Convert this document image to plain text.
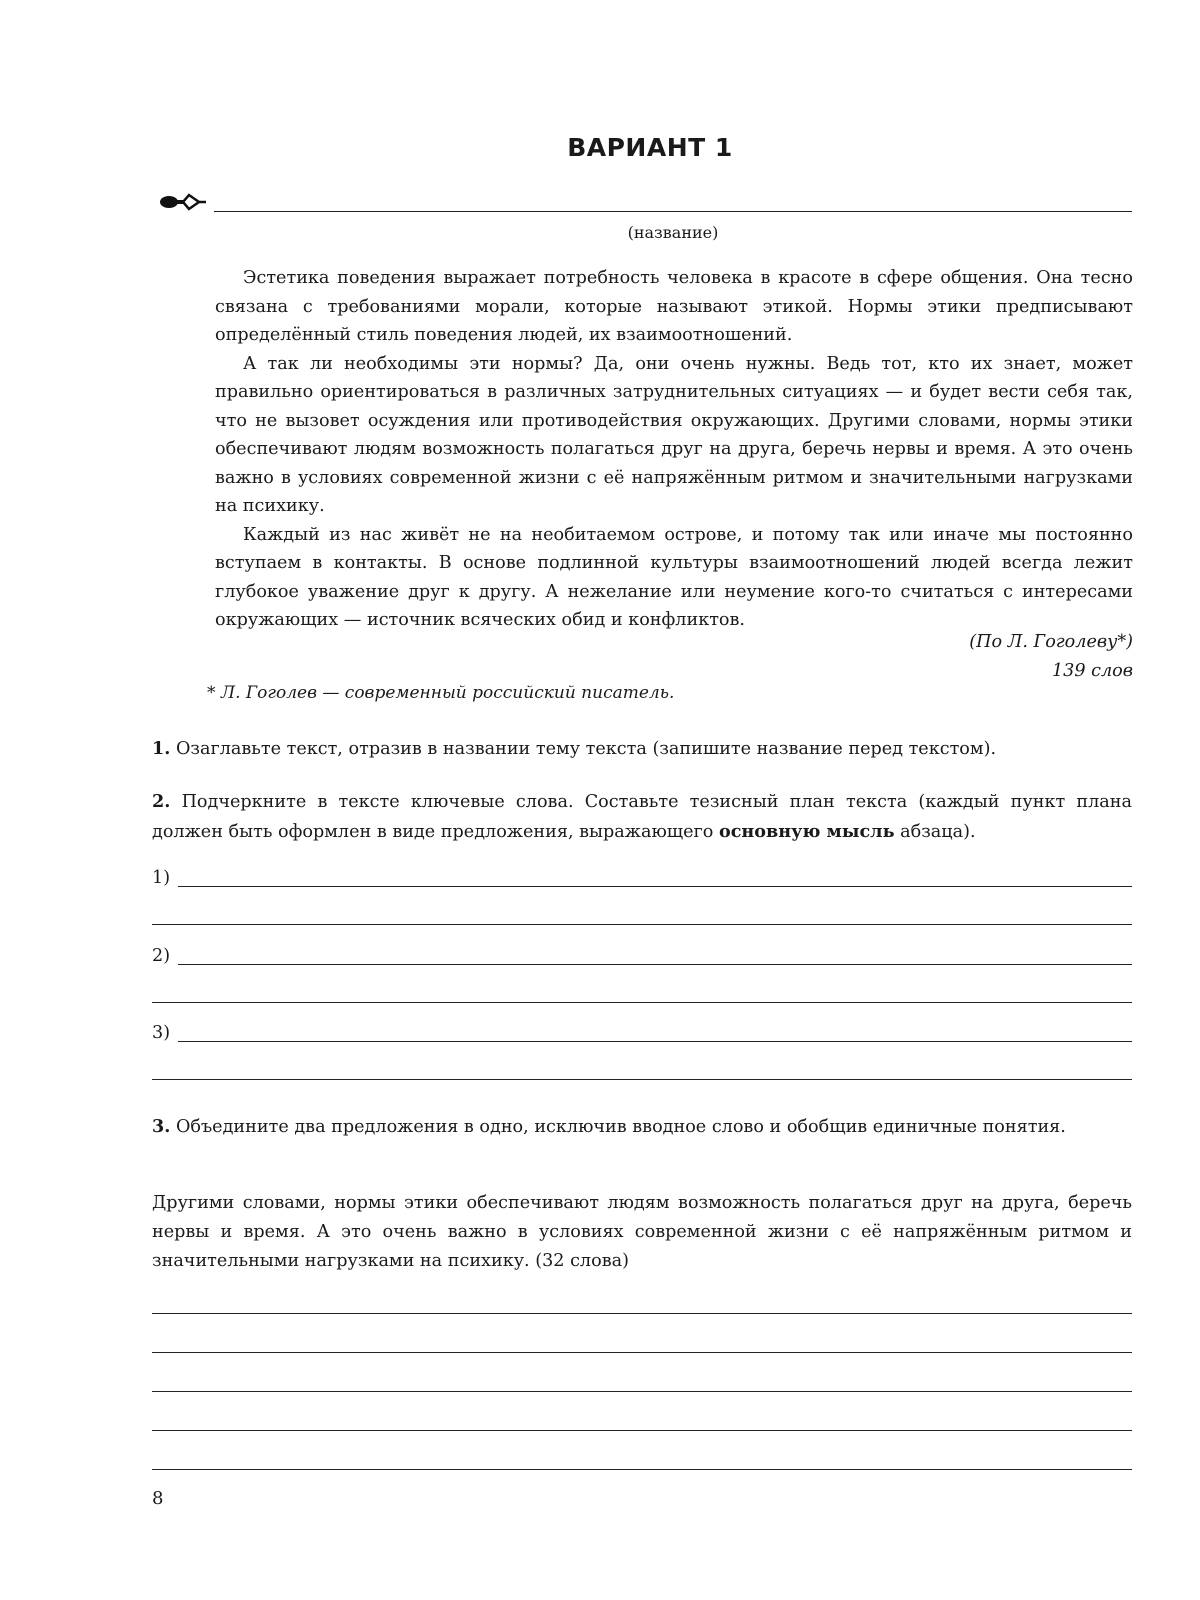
ВАРИАНТ 1
(название)

Эстетика поведения выражает потребность человека в красоте в сфере общения. Она тесно связана с требованиями морали, которые называют этикой. Нормы этики предписывают определённый стиль поведения людей, их взаимоотношений.

А так ли необходимы эти нормы? Да, они очень нужны. Ведь тот, кто их знает, может правильно ориентироваться в различных затруднительных ситуациях — и будет вести себя так, что не вызовет осуждения или противодействия окружающих. Другими словами, нормы этики обеспечивают людям возможность полагаться друг на друга, беречь нервы и время. А это очень важно в условиях современной жизни с её напряжённым ритмом и значительными нагрузками на психику.

Каждый из нас живёт не на необитаемом острове, и потому так или иначе мы постоянно вступаем в контакты. В основе подлинной культуры взаимоотношений людей всегда лежит глубокое уважение друг к другу. А нежелание или неумение кого-то считаться с интересами окружающих — источник всяческих обид и конфликтов.

(По Л. Гоголеву*)
139 слов
* Л. Гоголев — современный российский писатель.
1. Озаглавьте текст, отразив в названии тему текста (запишите название перед текстом).
2. Подчеркните в тексте ключевые слова. Составьте тезисный план текста (каждый пункт плана должен быть оформлен в виде предложения, выражающего основную мысль абзаца).
1)
2)
3)
3. Объедините два предложения в одно, исключив вводное слово и обобщив единичные понятия.
Другими словами, нормы этики обеспечивают людям возможность полагаться друг на друга, беречь нервы и время. А это очень важно в условиях современной жизни с её напряжённым ритмом и значительными нагрузками на психику. (32 слова)
8
